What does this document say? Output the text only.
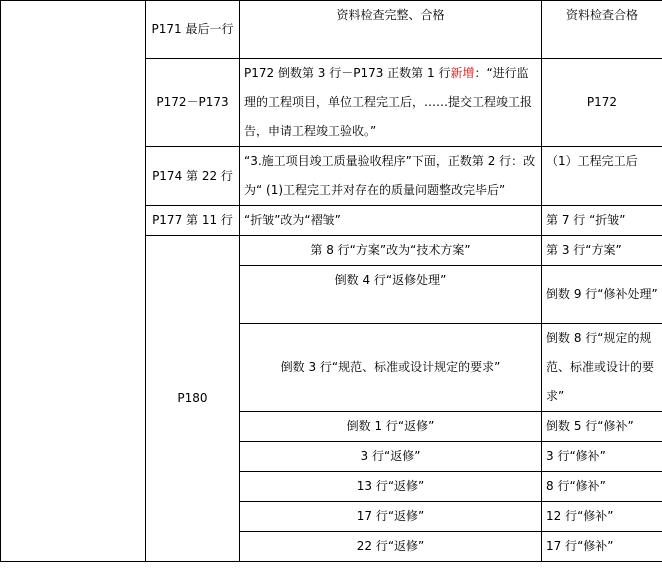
	P171 最后一行	资料检查完整、合格	资料检查合格
	P172－P173	P172 倒数第 3 行－P173 正数第 1 行新增：“进行监理的工程项目，单位工程完工后，……提交工程竣工报告，申请工程竣工验收。”	P172
	P174 第 22 行	“3.施工项目竣工质量验收程序”下面，正数第 2 行：改为“ (1)工程完工并对存在的质量问题整改完毕后”	（1）工程完工后
	P177 第 11 行	“折皱”改为“褶皱”	第 7 行 “折皱”
	P180	第 8 行“方案”改为“技术方案”	第 3 行“方案”
		倒数 4 行“返修处理”	倒数 9 行“修补处理”
		倒数 3 行“规范、标准或设计规定的要求”	倒数 8 行“规定的规范、标准或设计的要求”
		倒数 1 行“返修”	倒数 5 行“修补”
		3 行“返修”	3 行“修补”
		13 行“返修”	8 行“修补”
		17 行“返修”	12 行“修补”
		22 行“返修”	17 行“修补”
